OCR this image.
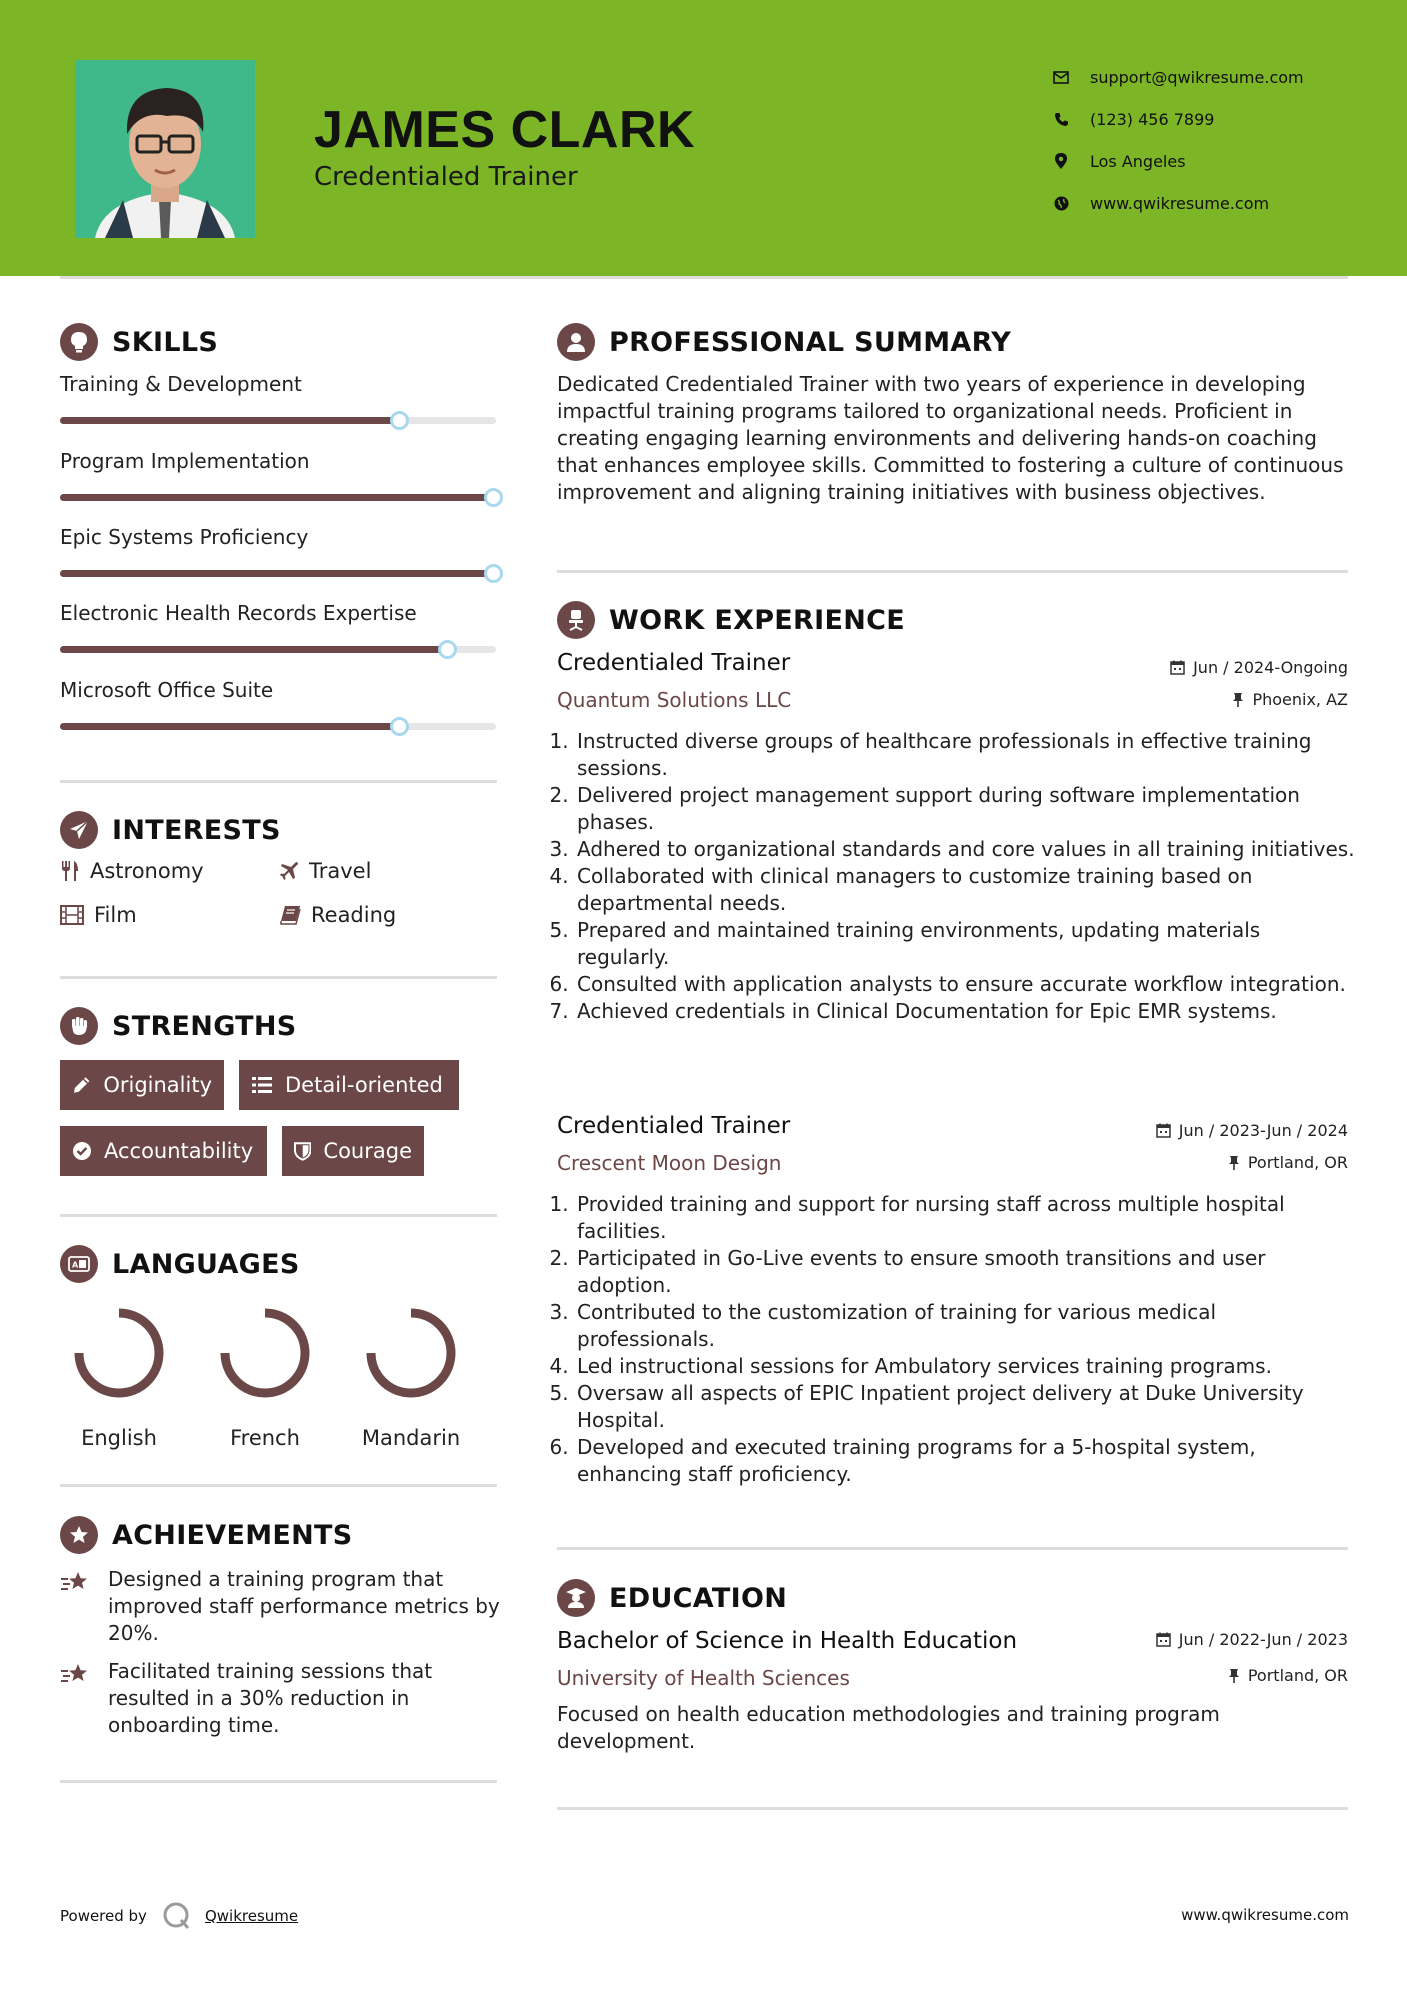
JAMES CLARK
Credentialed Trainer
support@qwikresume.com
(123) 456 7899
Los Angeles
www.qwikresume.com
SKILLS
Training & Development
Program Implementation
Epic Systems Proficiency
Electronic Health Records Expertise
Microsoft Office Suite
INTERESTS
Astronomy	Travel
Film	Reading
STRENGTHS
Originality	Detail-oriented
Accountability	Courage
A LANGUAGES
English	French	Mandarin
ACHIEVEMENTS
Designed a training program that improved staff performance metrics by 20%.
Facilitated training sessions that resulted in a 30% reduction in onboarding time.
PROFESSIONAL SUMMARY
Dedicated Credentialed Trainer with two years of experience in developing impactful training programs tailored to organizational needs. Proficient in creating engaging learning environments and delivering hands-on coaching that enhances employee skills. Committed to fostering a culture of continuous improvement and aligning training initiatives with business objectives.
WORK EXPERIENCE
Credentialed Trainer	Jun / 2024-Ongoing
Quantum Solutions LLC	Phoenix, AZ
1. Instructed diverse groups of healthcare professionals in effective training sessions.
2. Delivered project management support during software implementation phases.
3. Adhered to organizational standards and core values in all training initiatives.
4. Collaborated with clinical managers to customize training based on departmental needs.
5. Prepared and maintained training environments, updating materials regularly.
6. Consulted with application analysts to ensure accurate workflow integration.
7. Achieved credentials in Clinical Documentation for Epic EMR systems.
Credentialed Trainer	Jun / 2023-Jun / 2024
Crescent Moon Design	Portland, OR
1. Provided training and support for nursing staff across multiple hospital facilities.
2. Participated in Go-Live events to ensure smooth transitions and user adoption.
3. Contributed to the customization of training for various medical professionals.
4. Led instructional sessions for Ambulatory services training programs.
5. Oversaw all aspects of EPIC Inpatient project delivery at Duke University Hospital.
6. Developed and executed training programs for a 5-hospital system, enhancing staff proficiency.
EDUCATION
Bachelor of Science in Health Education	Jun / 2022-Jun / 2023
University of Health Sciences	Portland, OR
Focused on health education methodologies and training program development.
Powered by	Qwikresume	www.qwikresume.com
